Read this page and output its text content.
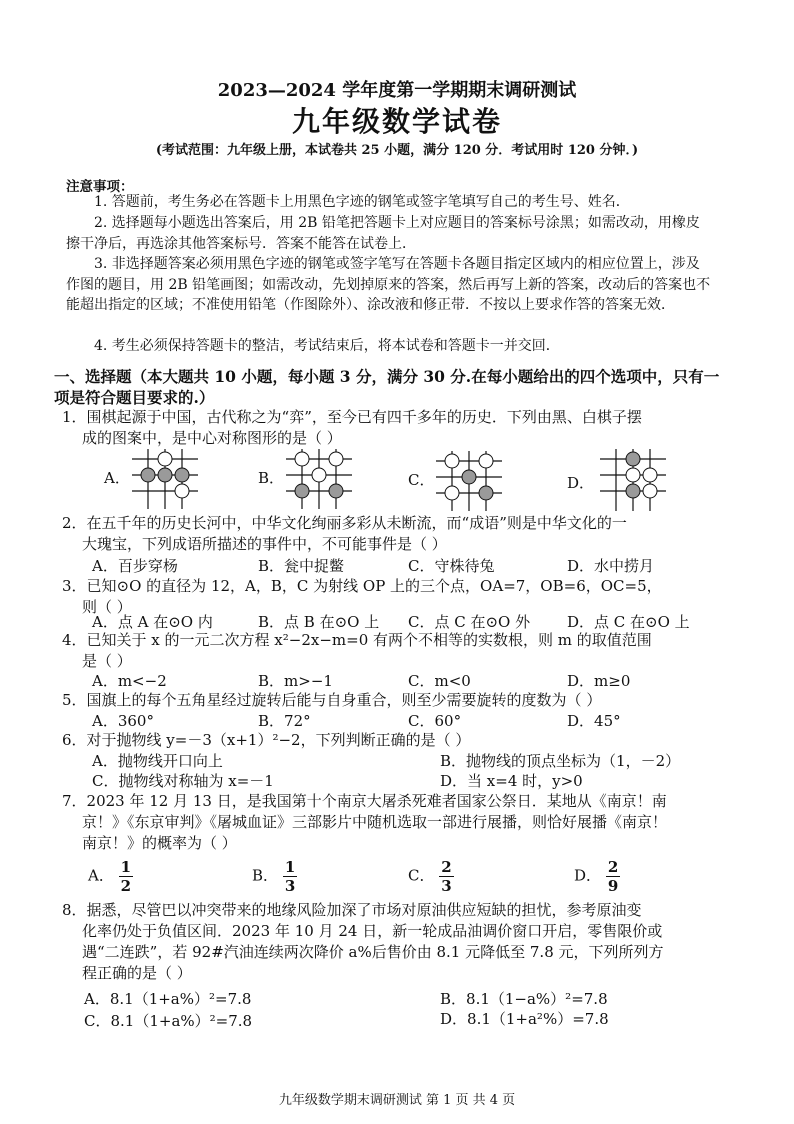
2023—2024 学年度第一学期期末调研测试
九年级数学试卷
(考试范围：九年级上册，本试卷共 25 小题，满分 120 分．考试用时 120 分钟．)
注意事项：
1. 答题前，考生务必在答题卡上用黑色字迹的钢笔或签字笔填写自己的考生号、姓名．
2. 选择题每小题选出答案后，用 2B 铅笔把答题卡上对应题目的答案标号涂黑；如需改动，用橡皮擦干净后，再选涂其他答案标号．答案不能答在试卷上．
3. 非选择题答案必须用黑色字迹的钢笔或签字笔写在答题卡各题目指定区域内的相应位置上，涉及作图的题目，用 2B 铅笔画图；如需改动，先划掉原来的答案，然后再写上新的答案，改动后的答案也不能超出指定的区域；不准使用铅笔（作图除外）、涂改液和修正带．不按以上要求作答的答案无效．
4. 考生必须保持答题卡的整洁，考试结束后，将本试卷和答题卡一并交回．
一、选择题（本大题共 10 小题，每小题 3 分，满分 30 分.在每小题给出的四个选项中，只有一项是符合题目要求的.）
1．围棋起源于中国，古代称之为“弈”，至今已有四千多年的历史．下列由黑、白棋子摆
成的图案中，是中心对称图形的是（ ）
A．	B．	C．	D．
2．在五千年的历史长河中，中华文化绚丽多彩从未断流，而“成语”则是中华文化的一
大瑰宝，下列成语所描述的事件中，不可能事件是（ ）
A．百步穿杨	B．瓮中捉鳖	C．守株待兔	D．水中捞月
3．已知⊙O 的直径为 12，A，B，C 为射线 OP 上的三个点，OA=7，OB=6，OC=5，
则（ ）
A．点 A 在⊙O 内	B．点 B 在⊙O 上 C．点 C 在⊙O 外 D．点 C 在⊙O 上
4．已知关于 x 的一元二次方程 x²−2x−m=0 有两个不相等的实数根，则 m 的取值范围
是（ ）
A．m<−2	B．m>−1	C．m<0	D．m≥0
5．国旗上的每个五角星经过旋转后能与自身重合，则至少需要旋转的度数为（ ）
A．360°	B．72°	C．60°	D．45°
6．对于抛物线 y=－3（x+1）²−2，下列判断正确的是（ ）
A．抛物线开口向上	B．抛物线的顶点坐标为（1，－2）
C．抛物线对称轴为 x=－1	D．当 x=4 时，y>0
7．2023 年 12 月 13 日，是我国第十个南京大屠杀死难者国家公祭日．某地从《南京！南
京！》《东京审判》《屠城血证》三部影片中随机选取一部进行展播，则恰好展播《南京！
南京！》的概率为（ ）
A． $\frac{1}{2}$	B． $\frac{1}{3}$	C． $\frac{2}{3}$	D． $\frac{2}{9}$
8．据悉，尽管巴以冲突带来的地缘风险加深了市场对原油供应短缺的担忧，参考原油变
化率仍处于负值区间．2023 年 10 月 24 日，新一轮成品油调价窗口开启，零售限价或
遇“二连跌”，若 92#汽油连续两次降价 a%后售价由 8.1 元降低至 7.8 元，下列所列方
程正确的是（ ）
A．8.1（1+a%）²=7.8	B．8.1（1−a%）²=7.8
C．8.1（1+a%）²=7.8	D．8.1（1+a²%）=7.8
九年级数学期末调研测试 第 1 页 共 4 页
